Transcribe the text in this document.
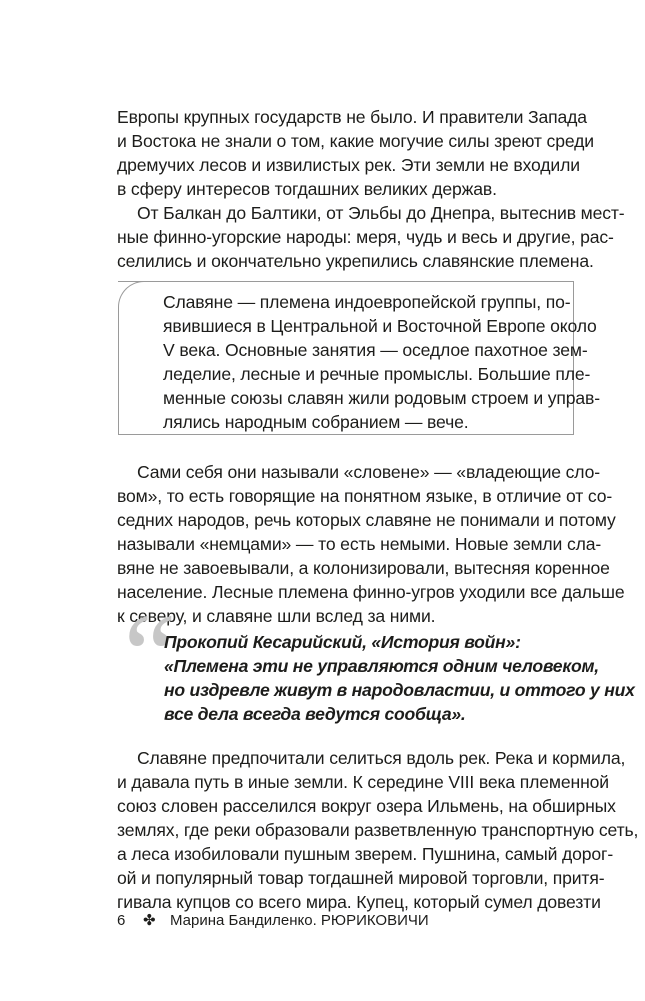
Европы крупных государств не было. И правители Запада
и Востока не знали о том, какие могучие силы зреют среди
дремучих лесов и извилистых рек. Эти земли не входили
в сферу интересов тогдашних великих держав.
От Балкан до Балтики, от Эльбы до Днепра, вытеснив мест-
ные финно-угорские народы: меря, чудь и весь и другие, рас-
селились и окончательно укрепились славянские племена.
Славяне — племена индоевропейской группы, по-
явившиеся в Центральной и Восточной Европе около
V века. Основные занятия — оседлое пахотное зем-
леделие, лесные и речные промыслы. Большие пле-
менные союзы славян жили родовым строем и управ-
лялись народным собранием — вече.
Сами себя они называли «словене» — «владеющие сло-
вом», то есть говорящие на понятном языке, в отличие от со-
седних народов, речь которых славяне не понимали и потому
называли «немцами» — то есть немыми. Новые земли сла-
вяне не завоевывали, а колонизировали, вытесняя коренное
население. Лесные племена финно-угров уходили все дальше
к северу, и славяне шли вслед за ними.
“
Прокопий Кесарийский, «История войн»:
«Племена эти не управляются одним человеком,
но издревле живут в народовластии, и оттого у них
все дела всегда ведутся сообща».
Славяне предпочитали селиться вдоль рек. Река и кормила,
и давала путь в иные земли. К середине VIII века племенной
союз словен расселился вокруг озера Ильмень, на обширных
землях, где реки образовали разветвленную транспортную сеть,
а леса изобиловали пушным зверем. Пушнина, самый дорог-
ой и популярный товар тогдашней мировой торговли, притя-
гивала купцов со всего мира. Купец, который сумел довезти
6 ✤ Марина Бандиленко. РЮРИКОВИЧИ
